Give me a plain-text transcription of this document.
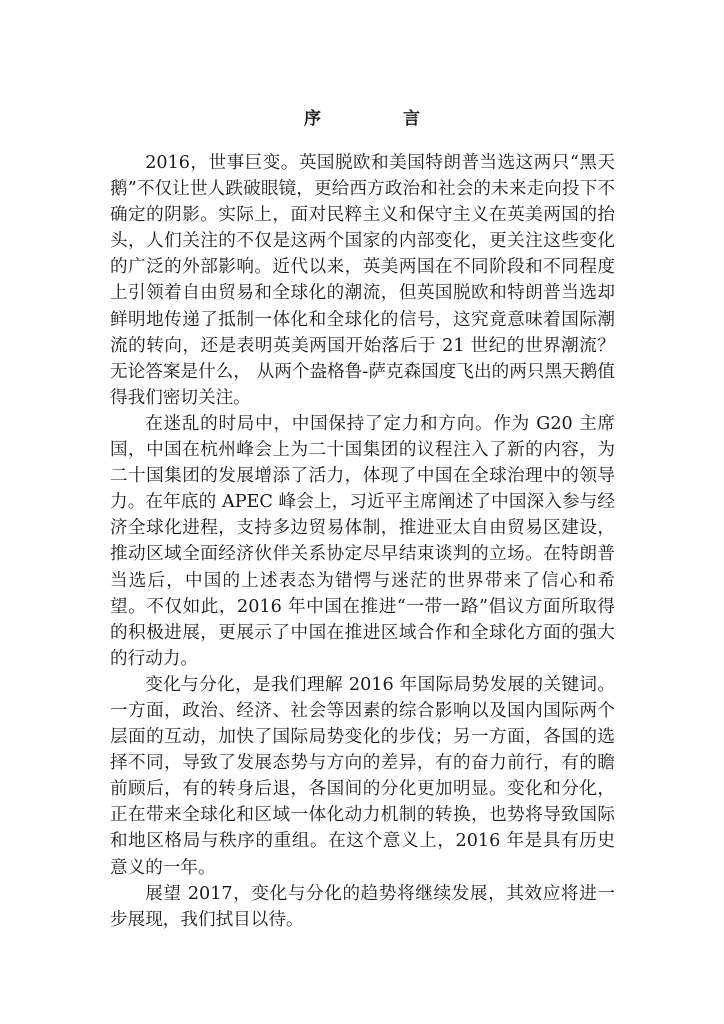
序 言

2016，世事巨变。英国脱欧和美国特朗普当选这两只“黑天鹅”不仅让世人跌破眼镜，更给西方政治和社会的未来走向投下不确定的阴影。实际上，面对民粹主义和保守主义在英美两国的抬头，人们关注的不仅是这两个国家的内部变化，更关注这些变化的广泛的外部影响。近代以来，英美两国在不同阶段和不同程度上引领着自由贸易和全球化的潮流，但英国脱欧和特朗普当选却鲜明地传递了抵制一体化和全球化的信号，这究竟意味着国际潮流的转向，还是表明英美两国开始落后于 21 世纪的世界潮流？无论答案是什么， 从两个盎格鲁-萨克森国度飞出的两只黑天鹅值得我们密切关注。

在迷乱的时局中，中国保持了定力和方向。作为 G20 主席国，中国在杭州峰会上为二十国集团的议程注入了新的内容，为二十国集团的发展增添了活力，体现了中国在全球治理中的领导力。在年底的 APEC 峰会上，习近平主席阐述了中国深入参与经济全球化进程，支持多边贸易体制，推进亚太自由贸易区建设，推动区域全面经济伙伴关系协定尽早结束谈判的立场。在特朗普当选后，中国的上述表态为错愕与迷茫的世界带来了信心和希望。不仅如此，2016 年中国在推进“一带一路”倡议方面所取得的积极进展，更展示了中国在推进区域合作和全球化方面的强大的行动力。

变化与分化，是我们理解 2016 年国际局势发展的关键词。一方面，政治、经济、社会等因素的综合影响以及国内国际两个层面的互动，加快了国际局势变化的步伐；另一方面，各国的选择不同，导致了发展态势与方向的差异，有的奋力前行，有的瞻前顾后，有的转身后退，各国间的分化更加明显。变化和分化，正在带来全球化和区域一体化动力机制的转换，也势将导致国际和地区格局与秩序的重组。在这个意义上，2016 年是具有历史意义的一年。

展望 2017，变化与分化的趋势将继续发展，其效应将进一步展现，我们拭目以待。
